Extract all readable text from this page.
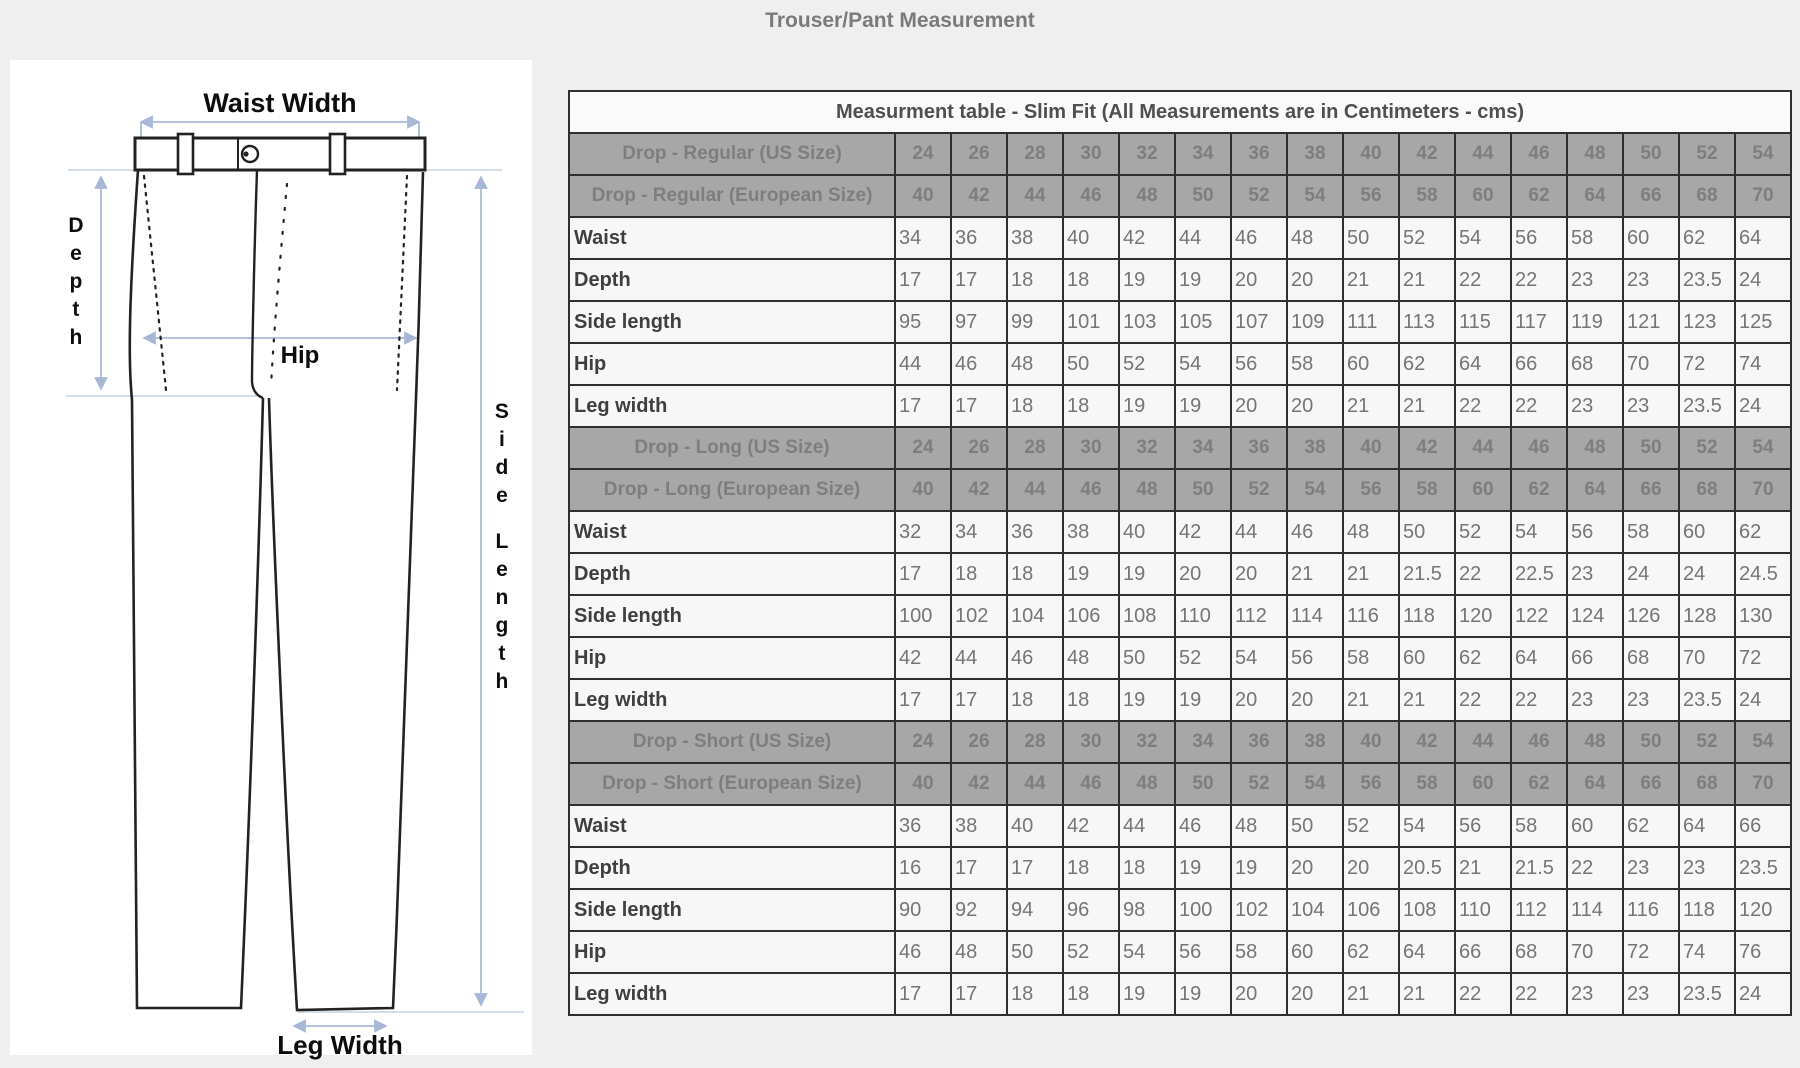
Trouser/Pant Measurement
Waist Width
Depth
Hip
Side
Length
Leg Width
Measurment table - Slim Fit (All Measurements are in Centimeters - cms)																
Drop - Regular (US Size)	24	26	28	30	32	34	36	38	40	42	44	46	48	50	52	54
Drop - Regular (European Size)	40	42	44	46	48	50	52	54	56	58	60	62	64	66	68	70
Waist	34	36	38	40	42	44	46	48	50	52	54	56	58	60	62	64
Depth	17	17	18	18	19	19	20	20	21	21	22	22	23	23	23.5	24
Side length	95	97	99	101	103	105	107	109	111	113	115	117	119	121	123	125
Hip	44	46	48	50	52	54	56	58	60	62	64	66	68	70	72	74
Leg width	17	17	18	18	19	19	20	20	21	21	22	22	23	23	23.5	24
Drop - Long (US Size)	24	26	28	30	32	34	36	38	40	42	44	46	48	50	52	54
Drop - Long (European Size)	40	42	44	46	48	50	52	54	56	58	60	62	64	66	68	70
Waist	32	34	36	38	40	42	44	46	48	50	52	54	56	58	60	62
Depth	17	18	18	19	19	20	20	21	21	21.5	22	22.5	23	24	24	24.5
Side length	100	102	104	106	108	110	112	114	116	118	120	122	124	126	128	130
Hip	42	44	46	48	50	52	54	56	58	60	62	64	66	68	70	72
Leg width	17	17	18	18	19	19	20	20	21	21	22	22	23	23	23.5	24
Drop - Short (US Size)	24	26	28	30	32	34	36	38	40	42	44	46	48	50	52	54
Drop - Short (European Size)	40	42	44	46	48	50	52	54	56	58	60	62	64	66	68	70
Waist	36	38	40	42	44	46	48	50	52	54	56	58	60	62	64	66
Depth	16	17	17	18	18	19	19	20	20	20.5	21	21.5	22	23	23	23.5
Side length	90	92	94	96	98	100	102	104	106	108	110	112	114	116	118	120
Hip	46	48	50	52	54	56	58	60	62	64	66	68	70	72	74	76
Leg width	17	17	18	18	19	19	20	20	21	21	22	22	23	23	23.5	24
